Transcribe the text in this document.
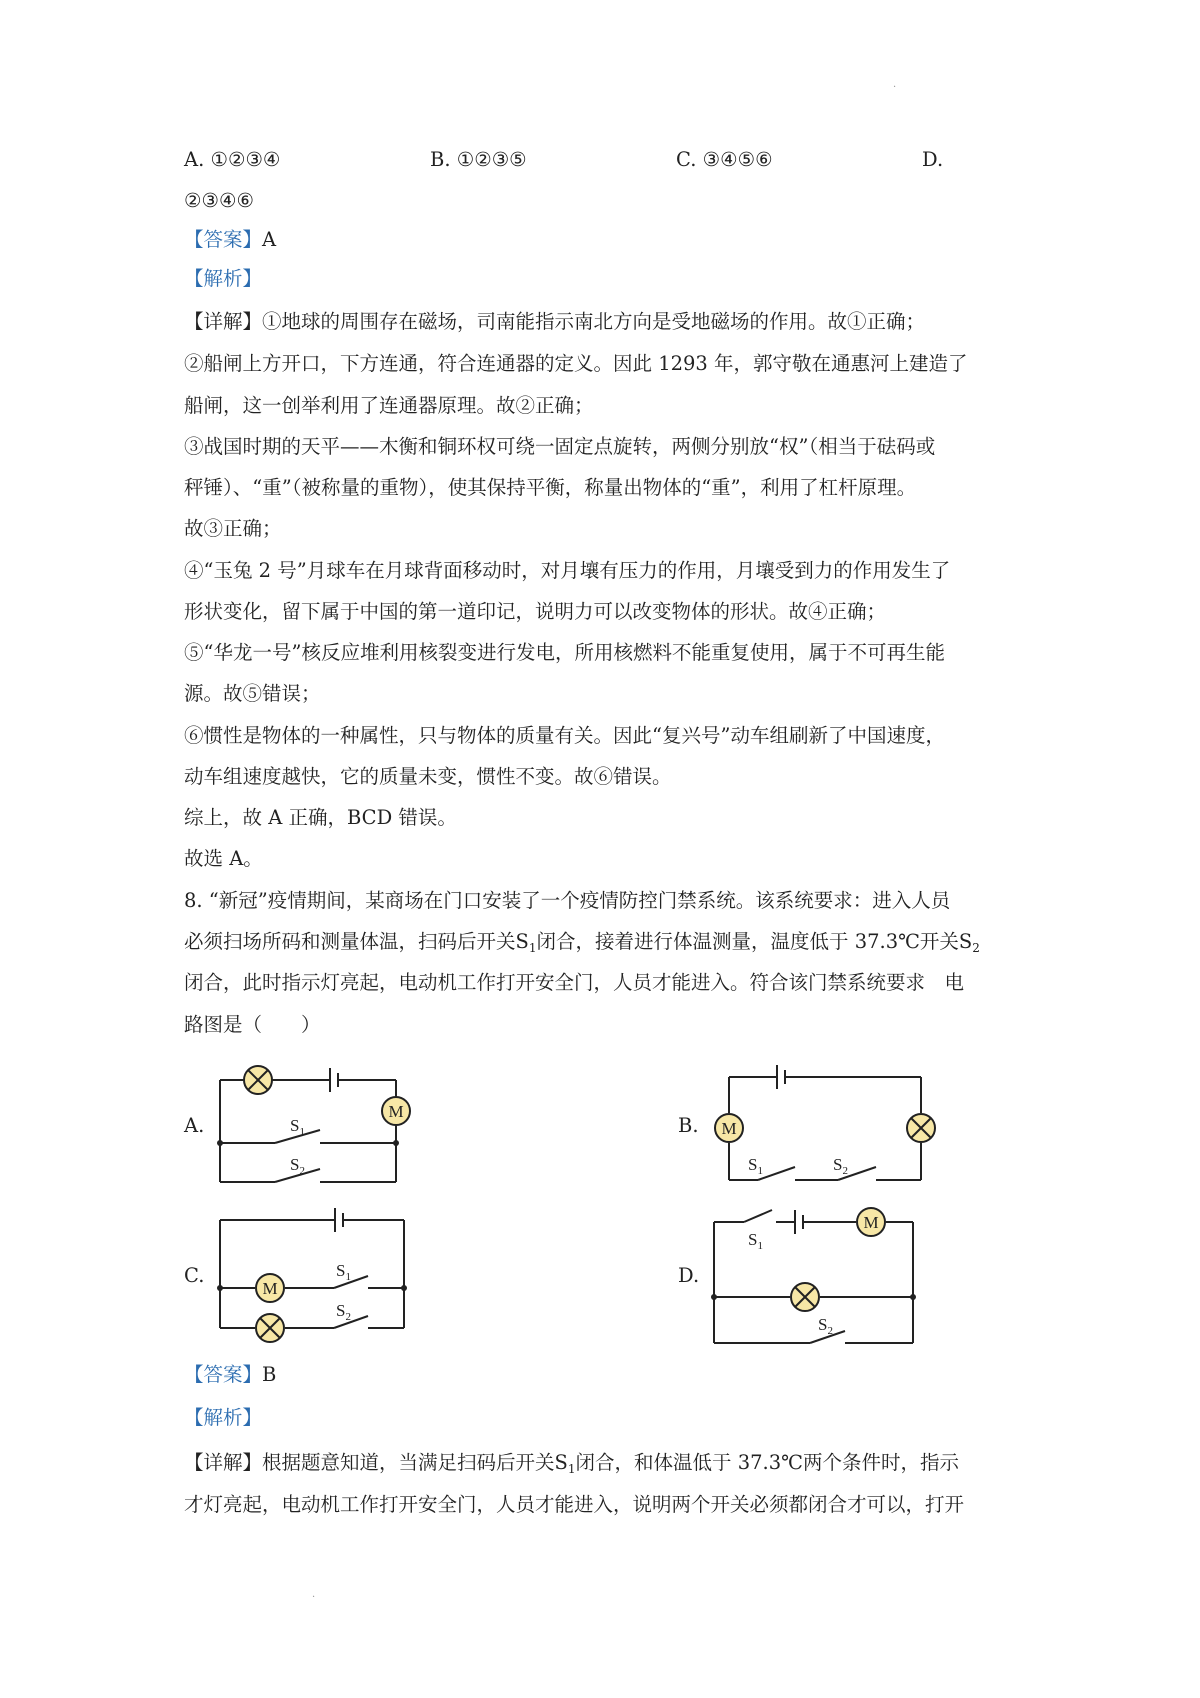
·
A. ①②③④	B. ①②③⑤	C. ③④⑤⑥	D.
②③④⑥
【答案】A
【解析】
【详解】①地球的周围存在磁场，司南能指示南北方向是受地磁场的作用。故①正确；
②船闸上方开口，下方连通，符合连通器的定义。因此 1293 年，郭守敬在通惠河上建造了
船闸，这一创举利用了连通器原理。故②正确；
③战国时期的天平——木衡和铜环权可绕一固定点旋转，两侧分别放“权”（相当于砝码或
秤锤）、“重”（被称量的重物），使其保持平衡，称量出物体的“重”，利用了杠杆原理。
故③正确；
④“玉兔 2 号”月球车在月球背面移动时，对月壤有压力的作用，月壤受到力的作用发生了
形状变化，留下属于中国的第一道印记，说明力可以改变物体的形状。故④正确；
⑤“华龙一号”核反应堆利用核裂变进行发电，所用核燃料不能重复使用，属于不可再生能
源。故⑤错误；
⑥惯性是物体的一种属性，只与物体的质量有关。因此“复兴号”动车组刷新了中国速度，
动车组速度越快，它的质量未变，惯性不变。故⑥错误。
综上，故 A 正确，BCD 错误。
故选 A。
8. “新冠”疫情期间，某商场在门口安装了一个疫情防控门禁系统。该系统要求：进入人员
必须扫场所码和测量体温，扫码后开关$S_1$闭合，接着进行体温测量，温度低于 37.3℃开关$S_2$
闭合，此时指示灯亮起，电动机工作打开安全门，人员才能进入。符合该门禁系统要求　电
路图是（　　）
A.	B.
C.	D.
M
$S_1$
$S_2$
M
$S_1$	$S_2$
M
$S_1$
$S_2$
M
$S_1$
$S_2$
【答案】B
【解析】
【详解】根据题意知道，当满足扫码后开关$S_1$闭合，和体温低于 37.3℃两个条件时，指示
才灯亮起，电动机工作打开安全门，人员才能进入，说明两个开关必须都闭合才可以，打开
·
